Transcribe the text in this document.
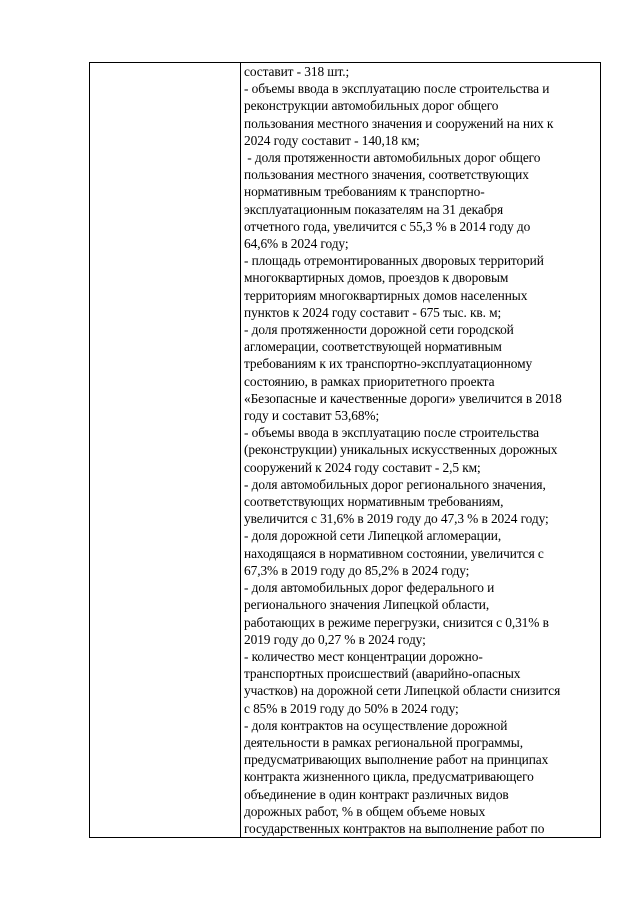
составит - 318 шт.;
- объемы ввода в эксплуатацию после строительства и
реконструкции автомобильных дорог общего
пользования местного значения и сооружений на них к
2024 году составит - 140,18 км;
- доля протяженности автомобильных дорог общего
пользования местного значения, соответствующих
нормативным требованиям к транспортно-
эксплуатационным показателям на 31 декабря
отчетного года, увеличится с 55,3 % в 2014 году до
64,6% в 2024 году;
- площадь отремонтированных дворовых территорий
многоквартирных домов, проездов к дворовым
территориям многоквартирных домов населенных
пунктов к 2024 году составит - 675 тыс. кв. м;
- доля протяженности дорожной сети городской
агломерации, соответствующей нормативным
требованиям к их транспортно-эксплуатационному
состоянию, в рамках приоритетного проекта
«Безопасные и качественные дороги» увеличится в 2018
году и составит 53,68%;
- объемы ввода в эксплуатацию после строительства
(реконструкции) уникальных искусственных дорожных
сооружений к 2024 году составит - 2,5 км;
- доля автомобильных дорог регионального значения,
соответствующих нормативным требованиям,
увеличится с 31,6% в 2019 году до 47,3 % в 2024 году;
- доля дорожной сети Липецкой агломерации,
находящаяся в нормативном состоянии, увеличится с
67,3% в 2019 году до 85,2% в 2024 году;
- доля автомобильных дорог федерального и
регионального значения Липецкой области,
работающих в режиме перегрузки, снизится с 0,31% в
2019 году до 0,27 % в 2024 году;
- количество мест концентрации дорожно-
транспортных происшествий (аварийно-опасных
участков) на дорожной сети Липецкой области снизится
с 85% в 2019 году до 50% в 2024 году;
- доля контрактов на осуществление дорожной
деятельности в рамках региональной программы,
предусматривающих выполнение работ на принципах
контракта жизненного цикла, предусматривающего
объединение в один контракт различных видов
дорожных работ, % в общем объеме новых
государственных контрактов на выполнение работ по
